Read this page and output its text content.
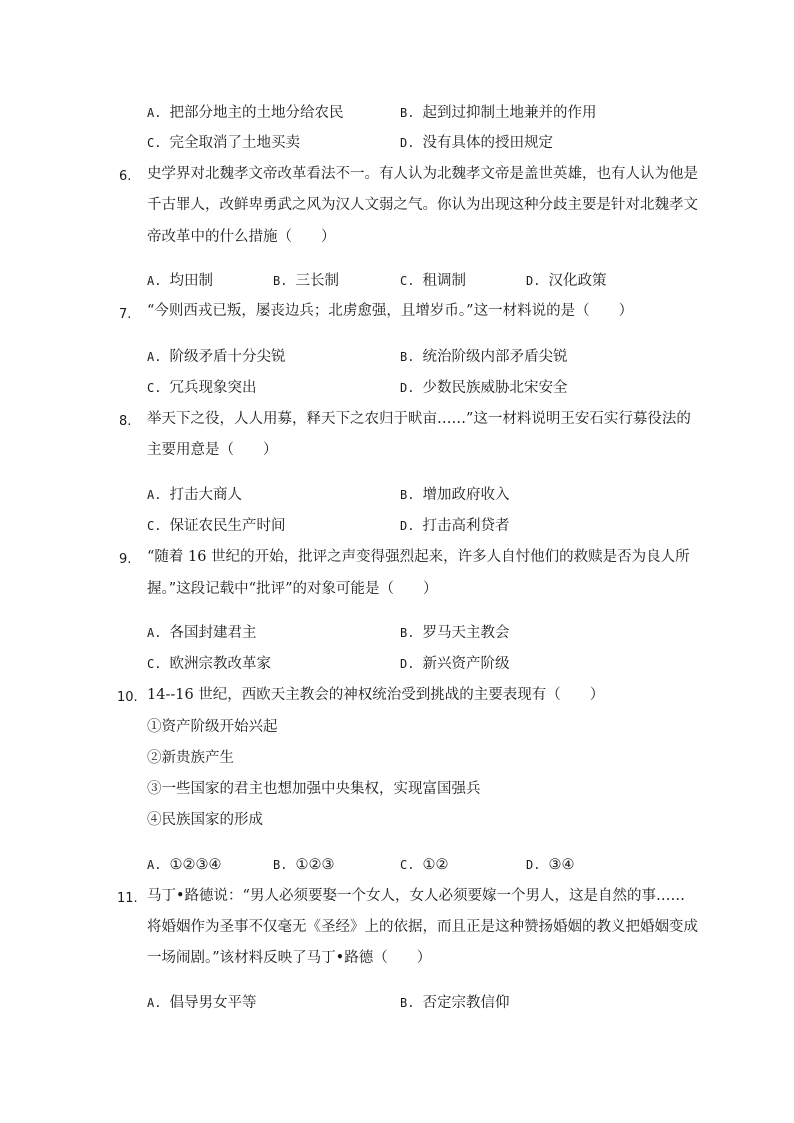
A. 把部分地主的土地分给农民	B. 起到过抑制土地兼并的作用
C. 完全取消了土地买卖	D. 没有具体的授田规定
6. 史学界对北魏孝文帝改革看法不一。有人认为北魏孝文帝是盖世英雄，也有人认为他是
千古罪人，改鲜卑勇武之风为汉人文弱之气。你认为出现这种分歧主要是针对北魏孝文
帝改革中的什么措施（　　）
A. 均田制	B. 三长制	C. 租调制	D. 汉化政策
7. “今则西戎已叛，屡丧边兵；北虏愈强，且增岁币。”这一材料说的是（　　）
A. 阶级矛盾十分尖锐	B. 统治阶级内部矛盾尖锐
C. 冗兵现象突出	D. 少数民族威胁北宋安全
8. 举天下之役，人人用募，释天下之农归于畎亩……”这一材料说明王安石实行募役法的
主要用意是（　　）
A. 打击大商人	B. 增加政府收入
C. 保证农民生产时间	D. 打击高利贷者
9. “随着 16 世纪的开始，批评之声变得强烈起来，许多人自忖他们的救赎是否为良人所
握。”这段记载中“批评”的对象可能是（　　）
A. 各国封建君主	B. 罗马天主教会
C. 欧洲宗教改革家	D. 新兴资产阶级
10. 14--16 世纪，西欧天主教会的神权统治受到挑战的主要表现有（　　）
①资产阶级开始兴起
②新贵族产生
③一些国家的君主也想加强中央集权，实现富国强兵
④民族国家的形成
A. ①②③④	B. ①②③	C. ①②	D. ③④
11. 马丁•路德说：“男人必须要娶一个女人，女人必须要嫁一个男人，这是自然的事……
将婚姻作为圣事不仅毫无《圣经》上的依据，而且正是这种赞扬婚姻的教义把婚姻变成
一场闹剧。”该材料反映了马丁•路德（　　）
A. 倡导男女平等	B. 否定宗教信仰
